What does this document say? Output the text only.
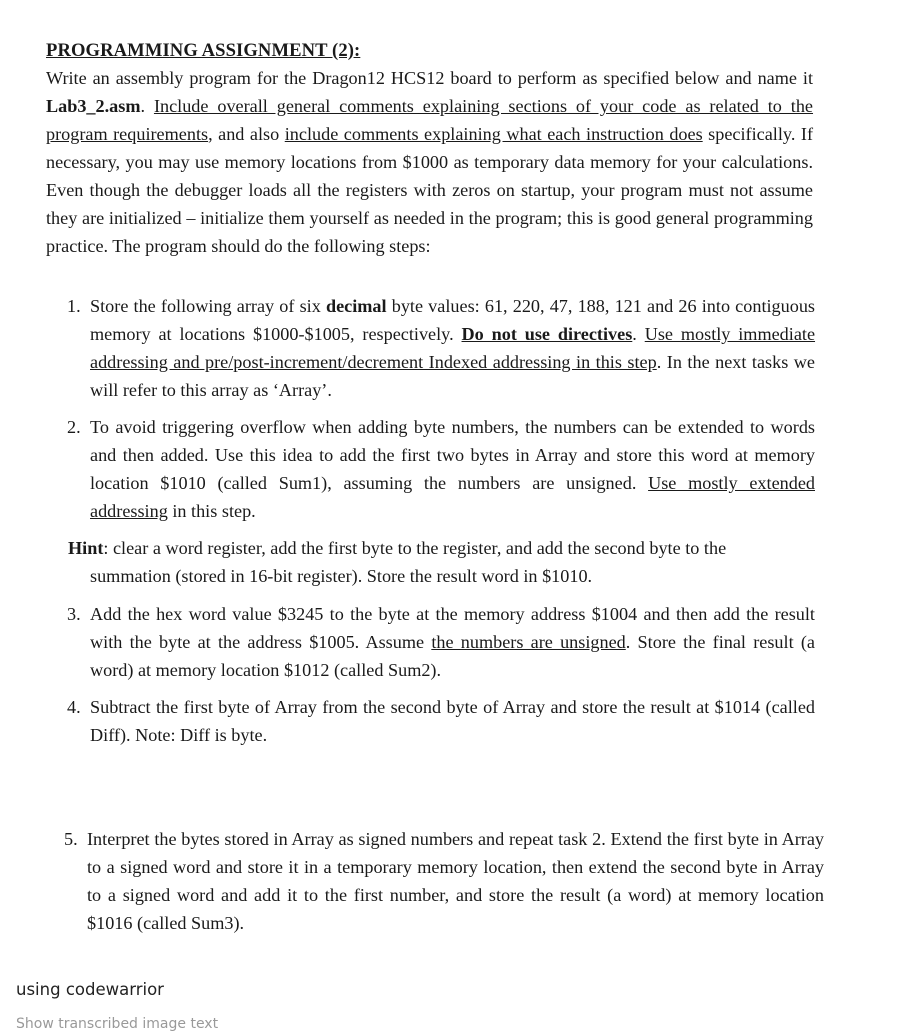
PROGRAMMING ASSIGNMENT (2):
Write an assembly program for the Dragon12 HCS12 board to perform as specified below and name it Lab3_2.asm. Include overall general comments explaining sections of your code as related to the program requirements, and also include comments explaining what each instruction does specifically. If necessary, you may use memory locations from $1000 as temporary data memory for your calculations. Even though the debugger loads all the registers with zeros on startup, your program must not assume they are initialized – initialize them yourself as needed in the program; this is good general programming practice. The program should do the following steps:
1. Store the following array of six decimal byte values: 61, 220, 47, 188, 121 and 26 into contiguous memory at locations $1000-$1005, respectively. Do not use directives. Use mostly immediate addressing and pre/post-increment/decrement Indexed addressing in this step. In the next tasks we will refer to this array as ‘Array’.
2. To avoid triggering overflow when adding byte numbers, the numbers can be extended to words and then added. Use this idea to add the first two bytes in Array and store this word at memory location $1010 (called Sum1), assuming the numbers are unsigned. Use mostly extended addressing in this step.
Hint: clear a word register, add the first byte to the register, and add the second byte to the
summation (stored in 16-bit register). Store the result word in $1010.
3. Add the hex word value $3245 to the byte at the memory address $1004 and then add the result with the byte at the address $1005. Assume the numbers are unsigned. Store the final result (a word) at memory location $1012 (called Sum2).
4. Subtract the first byte of Array from the second byte of Array and store the result at $1014 (called Diff). Note: Diff is byte.
5. Interpret the bytes stored in Array as signed numbers and repeat task 2. Extend the first byte in Array to a signed word and store it in a temporary memory location, then extend the second byte in Array to a signed word and add it to the first number, and store the result (a word) at memory location $1016 (called Sum3).
using codewarrior
Show transcribed image text
